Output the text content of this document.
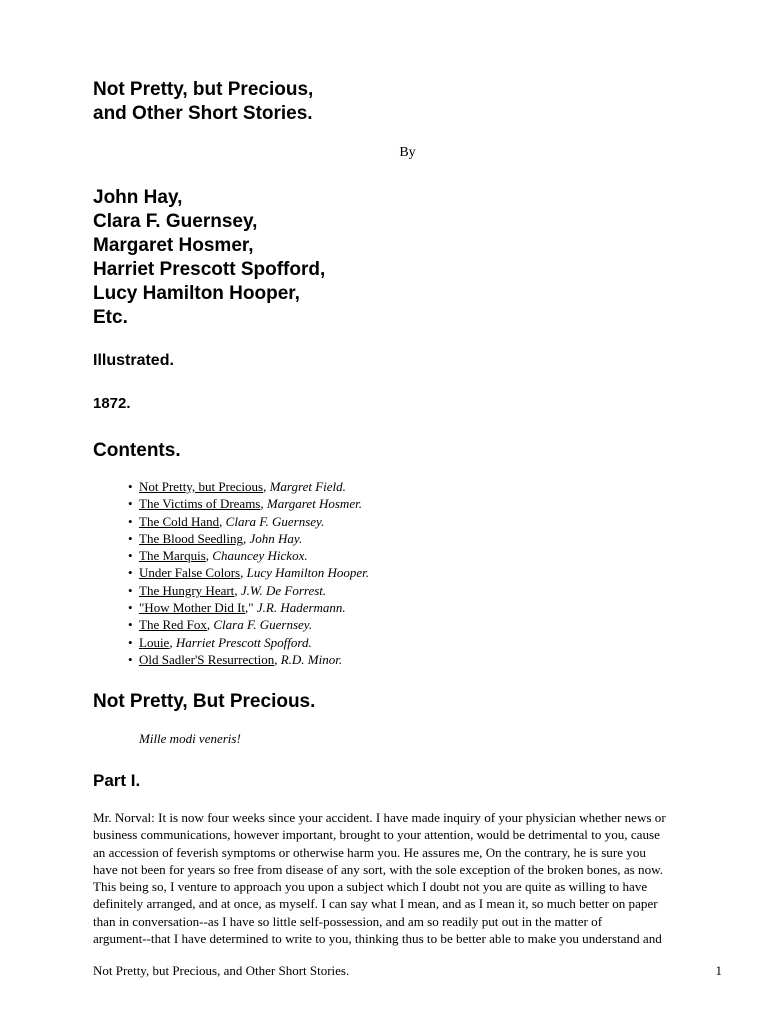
Not Pretty, but Precious,
and Other Short Stories.
By
John Hay,
Clara F. Guernsey,
Margaret Hosmer,
Harriet Prescott Spofford,
Lucy Hamilton Hooper,
Etc.
Illustrated.
1872.
Contents.
• Not Pretty, but Precious, Margret Field.
• The Victims of Dreams, Margaret Hosmer.
• The Cold Hand, Clara F. Guernsey.
• The Blood Seedling, John Hay.
• The Marquis, Chauncey Hickox.
• Under False Colors, Lucy Hamilton Hooper.
• The Hungry Heart, J.W. De Forrest.
• "How Mother Did It," J.R. Hadermann.
• The Red Fox, Clara F. Guernsey.
• Louie, Harriet Prescott Spofford.
• Old Sadler'S Resurrection, R.D. Minor.
Not Pretty, But Precious.
Mille modi veneris!
Part I.
Mr. Norval: It is now four weeks since your accident. I have made inquiry of your physician whether news or
business communications, however important, brought to your attention, would be detrimental to you, cause
an accession of feverish symptoms or otherwise harm you. He assures me, On the contrary, he is sure you
have not been for years so free from disease of any sort, with the sole exception of the broken bones, as now.
This being so, I venture to approach you upon a subject which I doubt not you are quite as willing to have
definitely arranged, and at once, as myself. I can say what I mean, and as I mean it, so much better on paper
than in conversation--as I have so little self-possession, and am so readily put out in the matter of
argument--that I have determined to write to you, thinking thus to be better able to make you understand and
Not Pretty, but Precious, and Other Short Stories.	1
